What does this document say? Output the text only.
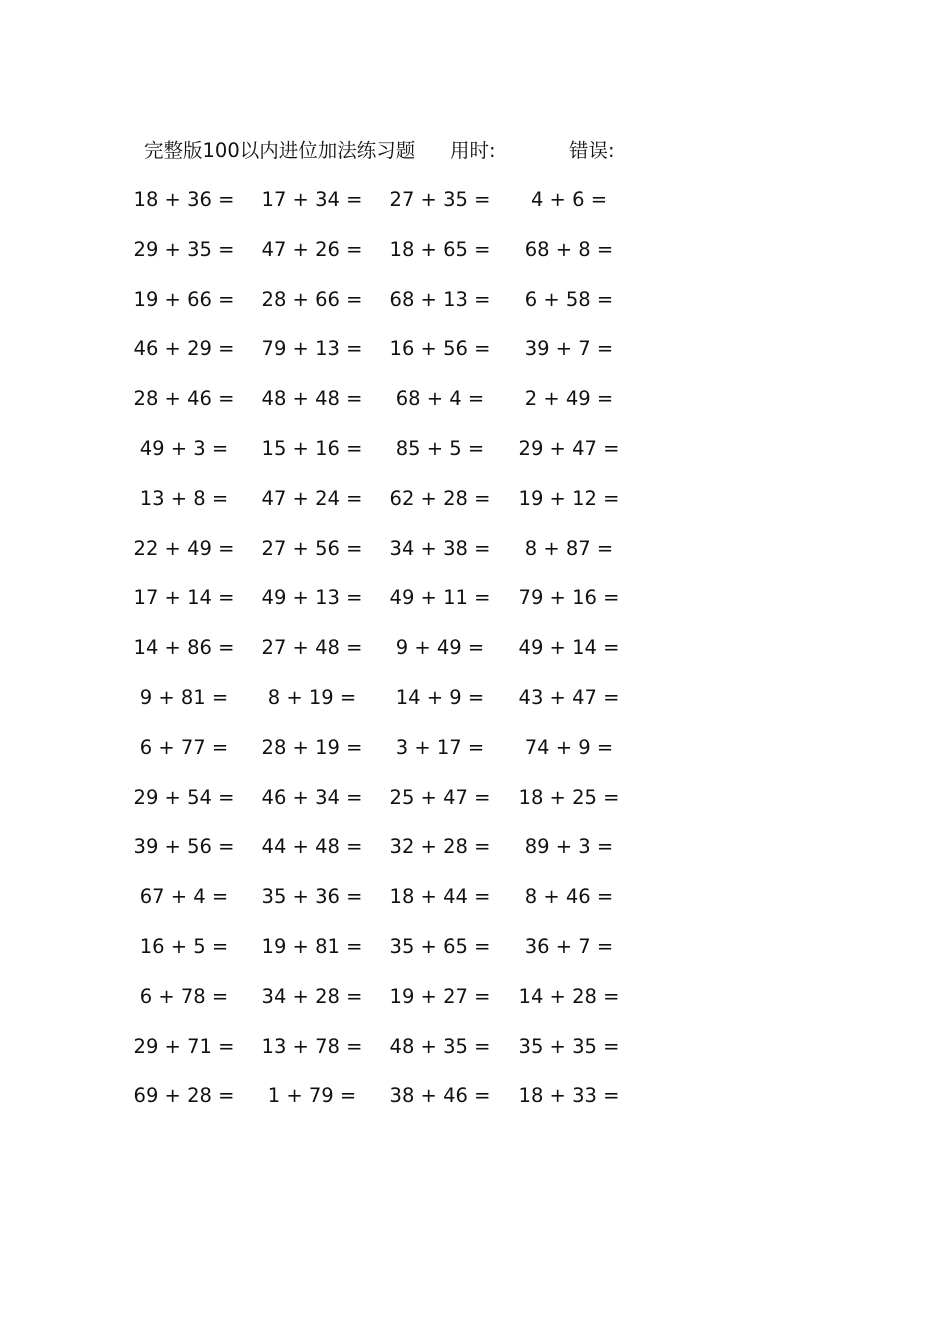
完整版100以内进位加法练习题 用时:	错误:
18 + 36 =	17 + 34 =	27 + 35 =	4 + 6 =
29 + 35 =	47 + 26 =	18 + 65 =	68 + 8 =
19 + 66 =	28 + 66 =	68 + 13 =	6 + 58 =
46 + 29 =	79 + 13 =	16 + 56 =	39 + 7 =
28 + 46 =	48 + 48 =	68 + 4 =	2 + 49 =
49 + 3 =	15 + 16 =	85 + 5 =	29 + 47 =
13 + 8 =	47 + 24 =	62 + 28 =	19 + 12 =
22 + 49 =	27 + 56 =	34 + 38 =	8 + 87 =
17 + 14 =	49 + 13 =	49 + 11 =	79 + 16 =
14 + 86 =	27 + 48 =	9 + 49 =	49 + 14 =
9 + 81 =	8 + 19 =	14 + 9 =	43 + 47 =
6 + 77 =	28 + 19 =	3 + 17 =	74 + 9 =
29 + 54 =	46 + 34 =	25 + 47 =	18 + 25 =
39 + 56 =	44 + 48 =	32 + 28 =	89 + 3 =
67 + 4 =	35 + 36 =	18 + 44 =	8 + 46 =
16 + 5 =	19 + 81 =	35 + 65 =	36 + 7 =
6 + 78 =	34 + 28 =	19 + 27 =	14 + 28 =
29 + 71 =	13 + 78 =	48 + 35 =	35 + 35 =
69 + 28 =	1 + 79 =	38 + 46 =	18 + 33 =
